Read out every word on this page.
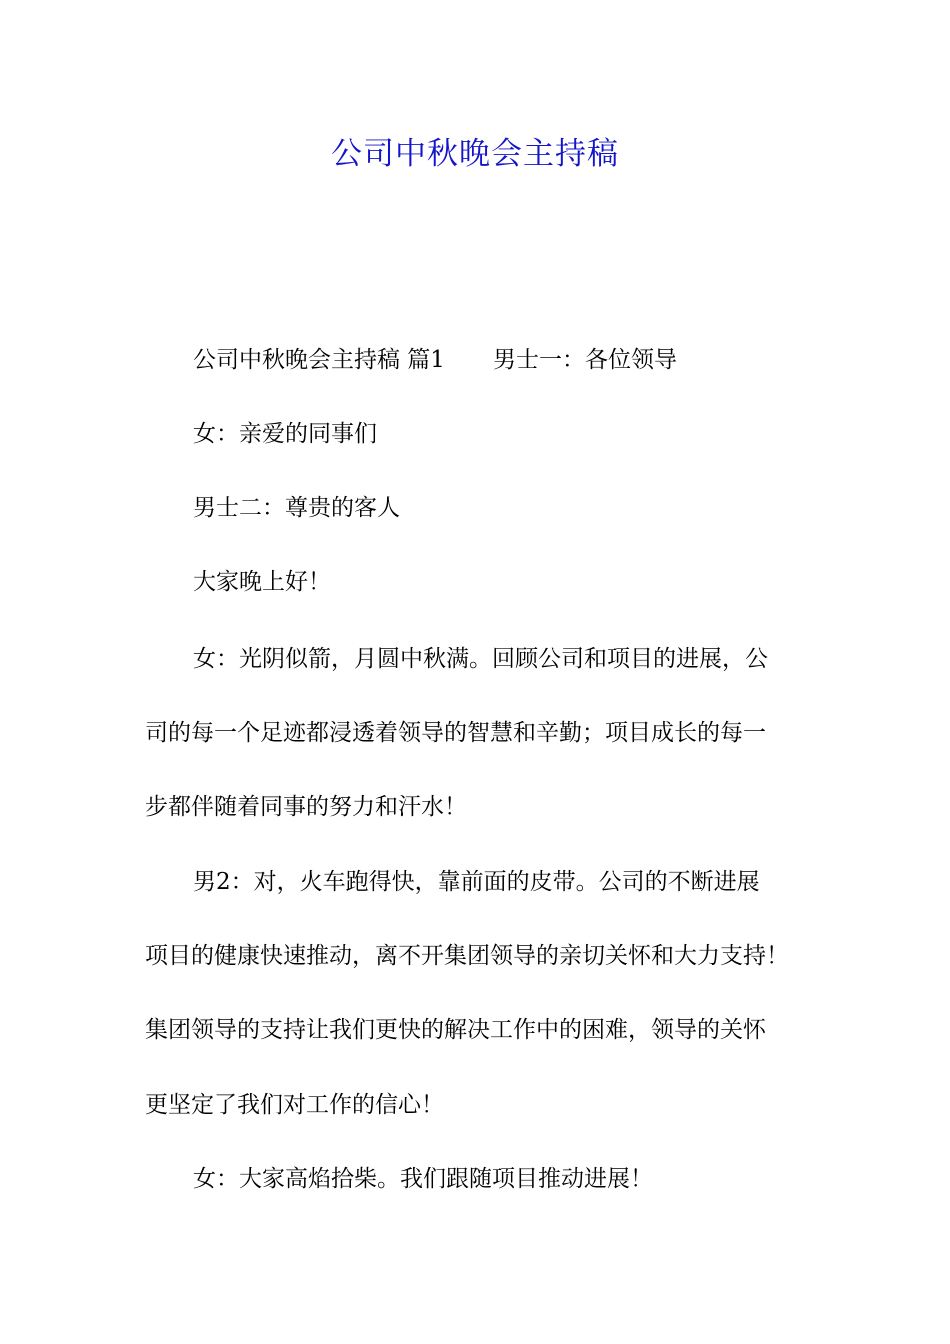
公司中秋晚会主持稿
公司中秋晚会主持稿 篇1 男士一：各位领导
女：亲爱的同事们
男士二：尊贵的客人
大家晚上好！
女：光阴似箭，月圆中秋满。回顾公司和项目的进展，公
司的每一个足迹都浸透着领导的智慧和辛勤；项目成长的每一
步都伴随着同事的努力和汗水！
男2：对，火车跑得快，靠前面的皮带。公司的不断进展
项目的健康快速推动，离不开集团领导的亲切关怀和大力支持！
集团领导的支持让我们更快的解决工作中的困难，领导的关怀
更坚定了我们对工作的信心！
女：大家高焰拾柴。我们跟随项目推动进展！
